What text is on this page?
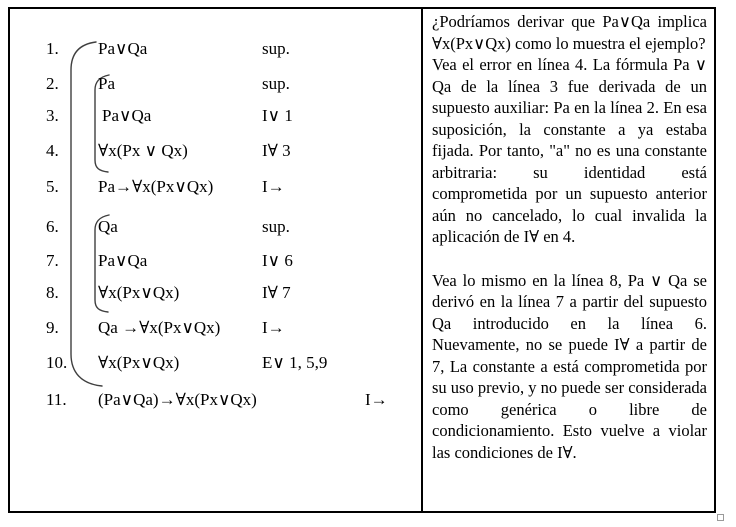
1. Pa∨Qa	sup.
2. Pa	sup.
3.	Pa∨Qa	I∨ 1
4. ∀x(Px ∨ Qx)	I∀ 3
5. Pa→∀x(Px∨Qx)	I→
6. Qa	sup.
7. Pa∨Qa	I∨ 6
8. ∀x(Px∨Qx)	I∀ 7
9. Qa →∀x(Px∨Qx) I→
10. ∀x(Px∨Qx)	E∨ 1, 5,9
11. (Pa∨Qa)→∀x(Px∨Qx)	I→

¿Podríamos derivar que Pa∨Qa implica ∀x(Px∨Qx) como lo muestra el ejemplo?

Vea el error en línea 4. La fórmula Pa ∨ Qa de la línea 3 fue derivada de un supuesto auxiliar: Pa en la línea 2. En esa suposición, la constante a ya estaba fijada. Por tanto, "a" no es una constante arbitraria: su identidad está comprometida por un supuesto anterior aún no cancelado, lo cual invalida la aplicación de I∀ en 4.

Vea lo mismo en la línea 8, Pa ∨ Qa se derivó en la línea 7 a partir del supuesto Qa introducido en la línea 6. Nuevamente, no se puede I∀ a partir de 7, La constante a está comprometida por su uso previo, y no puede ser considerada como genérica o libre de condicionamiento. Esto vuelve a violar las condiciones de I∀.
